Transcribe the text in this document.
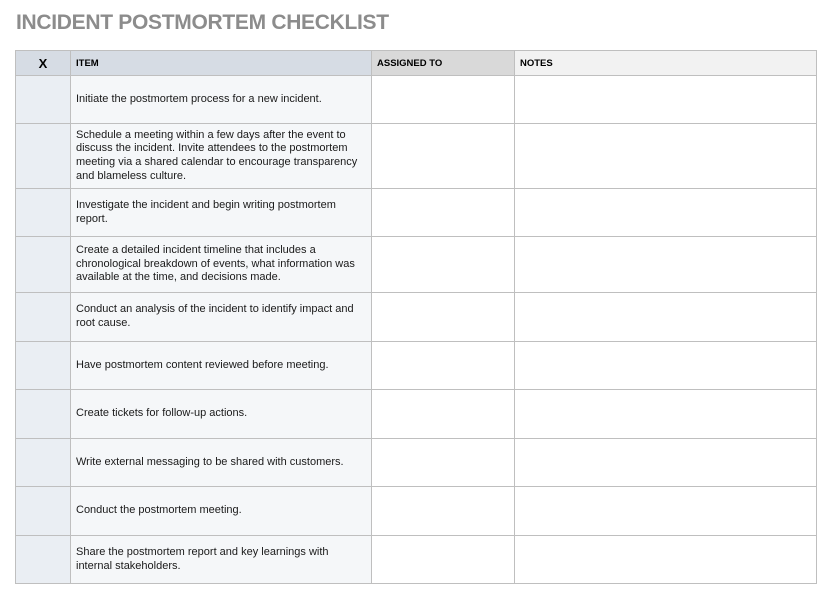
INCIDENT POSTMORTEM CHECKLIST
X	ITEM	ASSIGNED TO	NOTES
	Initiate the postmortem process for a new incident.		
	Schedule a meeting within a few days after the event to discuss the incident. Invite attendees to the postmortem meeting via a shared calendar to encourage transparency and blameless culture.		
	Investigate the incident and begin writing postmortem report.		
	Create a detailed incident timeline that includes a chronological breakdown of events, what information was available at the time, and decisions made.		
	Conduct an analysis of the incident to identify impact and root cause.		
	Have postmortem content reviewed before meeting.		
	Create tickets for follow-up actions.		
	Write external messaging to be shared with customers.		
	Conduct the postmortem meeting.		
	Share the postmortem report and key learnings with internal stakeholders.		
